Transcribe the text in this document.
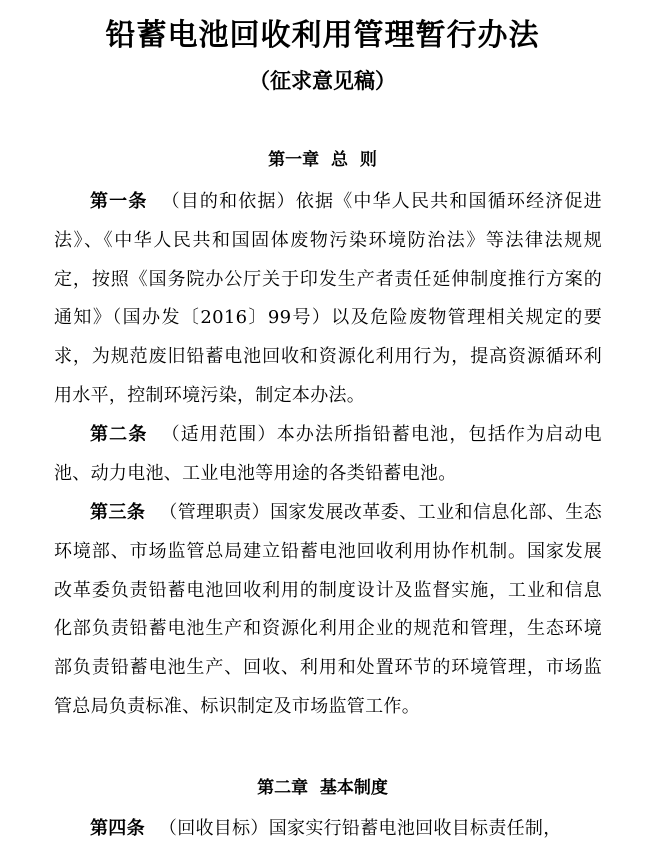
铅蓄电池回收利用管理暂行办法
（征求意见稿）
第一章  总  则

第一条 （目的和依据）依据《中华人民共和国循环经济促进法》、《中华人民共和国固体废物污染环境防治法》等法律法规规定，按照《国务院办公厅关于印发生产者责任延伸制度推行方案的通知》（国办发〔2016〕99号）以及危险废物管理相关规定的要求，为规范废旧铅蓄电池回收和资源化利用行为，提高资源循环利用水平，控制环境污染，制定本办法。

第二条 （适用范围）本办法所指铅蓄电池，包括作为启动电池、动力电池、工业电池等用途的各类铅蓄电池。

第三条 （管理职责）国家发展改革委、工业和信息化部、生态环境部、市场监管总局建立铅蓄电池回收利用协作机制。国家发展改革委负责铅蓄电池回收利用的制度设计及监督实施，工业和信息化部负责铅蓄电池生产和资源化利用企业的规范和管理，生态环境部负责铅蓄电池生产、回收、利用和处置环节的环境管理，市场监管总局负责标准、标识制定及市场监管工作。

第二章  基本制度

第四条 （回收目标）国家实行铅蓄电池回收目标责任制，
